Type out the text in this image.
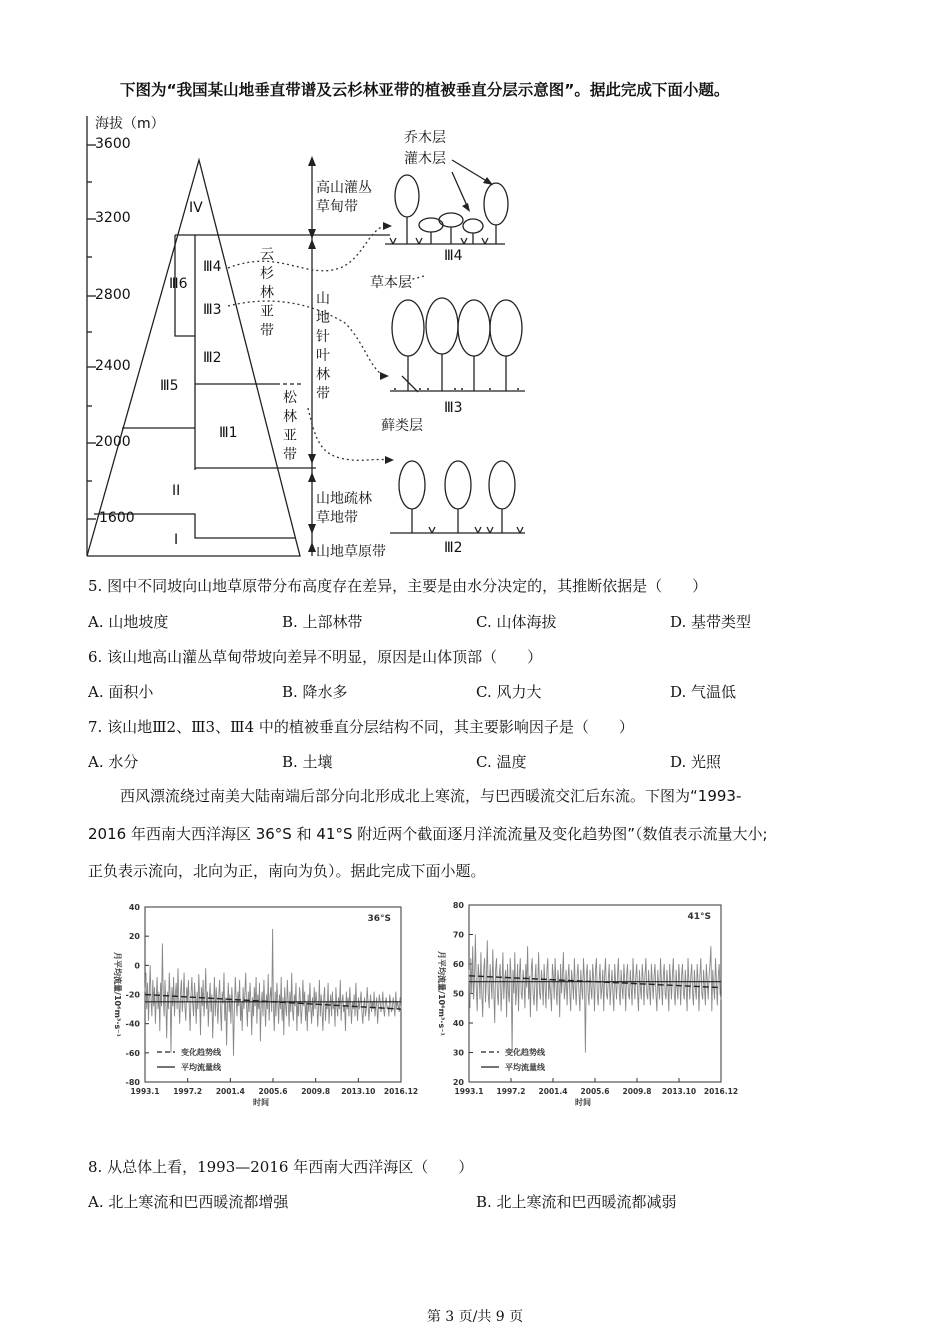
下图为“我国某山地垂直带谱及云杉林亚带的植被垂直分层示意图”。据此完成下面小题。
海拔（m）
3600
3200
2800
2400
2000
1600
IV
Ⅲ6
Ⅲ4
Ⅲ3
Ⅲ2
Ⅲ5
Ⅲ1
II
I
云
杉
林
亚
带
松
林
亚
带
高山灌丛
草甸带
山
地
针
叶
林
带
山地疏林
草地带
山地草原带
乔木层
灌木层
草本层
藓类层
Ⅲ4
Ⅲ3
Ⅲ2
5. 图中不同坡向山地草原带分布高度存在差异，主要是由水分决定的，其推断依据是（　　）
A. 山地坡度	B. 上部林带	C. 山体海拔	D. 基带类型
6. 该山地高山灌丛草甸带坡向差异不明显，原因是山体顶部（　　）
A. 面积小	B. 降水多	C. 风力大	D. 气温低
7. 该山地Ⅲ2、Ⅲ3、Ⅲ4 中的植被垂直分层结构不同，其主要影响因子是（　　）
A. 水分	B. 土壤	C. 温度	D. 光照
西风漂流绕过南美大陆南端后部分向北形成北上寒流，与巴西暖流交汇后东流。下图为“1993-
2016 年西南大西洋海区 36°S 和 41°S 附近两个截面逐月洋流流量及变化趋势图”（数值表示流量大小;
正负表示流向，北向为正，南向为负）。据此完成下面小题。
40
20
0
-20
-40
-60
-80
1993.1 1997.2 2001.4 2005.6 2009.8 2013.10 2016.12
时间
月平均流量/10⁶m³·s⁻¹
36°S
变化趋势线
平均流量线
80
70
60
50
40
30
20
1993.1 1997.2 2001.4 2005.6 2009.8 2013.10 2016.12
时间
月平均流量/10⁶m³·s⁻¹
41°S
变化趋势线
平均流量线
8. 从总体上看，1993—2016 年西南大西洋海区（　　）
A. 北上寒流和巴西暖流都增强	B. 北上寒流和巴西暖流都减弱
第 3 页/共 9 页
